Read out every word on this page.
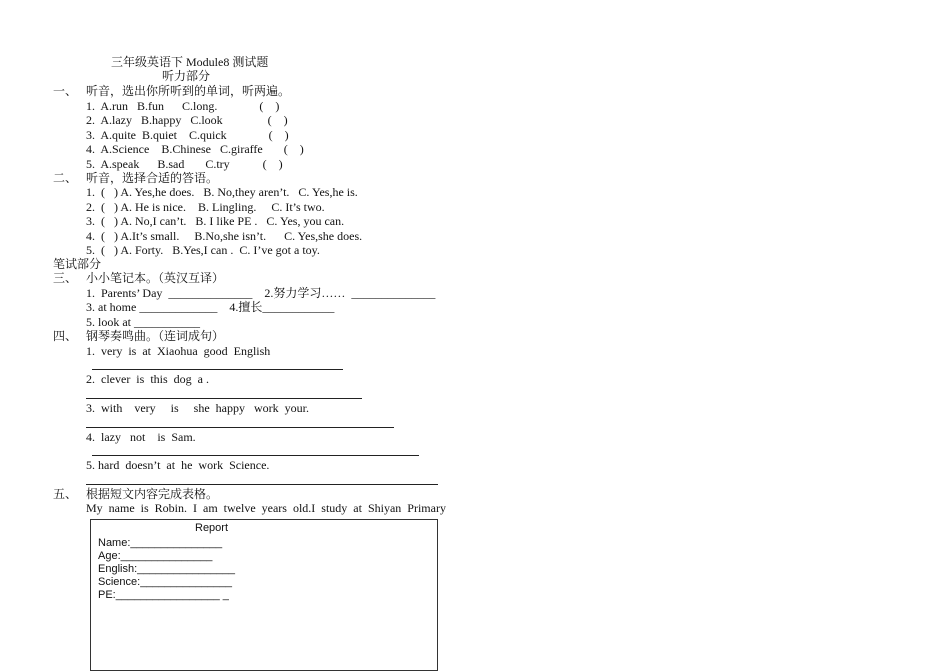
三年级英语下 Module8 测试题
听力部分
一、 听音，选出你所听到的单词，听两遍。
1.  A.run   B.fun      C.long.              (    )
2.  A.lazy   B.happy   C.look               (    )
3.  A.quite  B.quiet    C.quick              (    )
4.  A.Science    B.Chinese   C.giraffe       (    )
5.  A.speak      B.sad       C.try           (    )
二、 听音，选择合适的答语。
1.  (   ) A. Yes,he does.   B. No,they aren’t.   C. Yes,he is.
2.  (   ) A. He is nice.    B. Lingling.     C. It’s two.
3.  (   ) A. No,I can’t.   B. I like PE .   C. Yes, you can.
4.  (   ) A.It’s small.     B.No,she isn’t.      C. Yes,she does.
5.  (   ) A. Forty.   B.Yes,I can .  C. I’ve got a toy.
笔试部分
三、 小小笔记本。（英汉互译）
1.  Parents’ Day  ______________    2.努力学习……  ______________
3. at home _____________    4.擅长____________
5. look at ___________
四、 钢琴奏鸣曲。（连词成句）
1.  very  is  at  Xiaohua  good  English
2.  clever  is  this  dog  a .
3.  with    very     is     she  happy   work  your.
4.  lazy   not    is  Sam.
5. hard  doesn’t  at  he  work  Science.
五、 根据短文内容完成表格。
My  name  is  Robin.  I  am  twelve  years  old.I  study  at  Shiyan  Primary
Report
Name:_______________
Age:_______________
English:________________
Science:_______________
PE:_________________ _
